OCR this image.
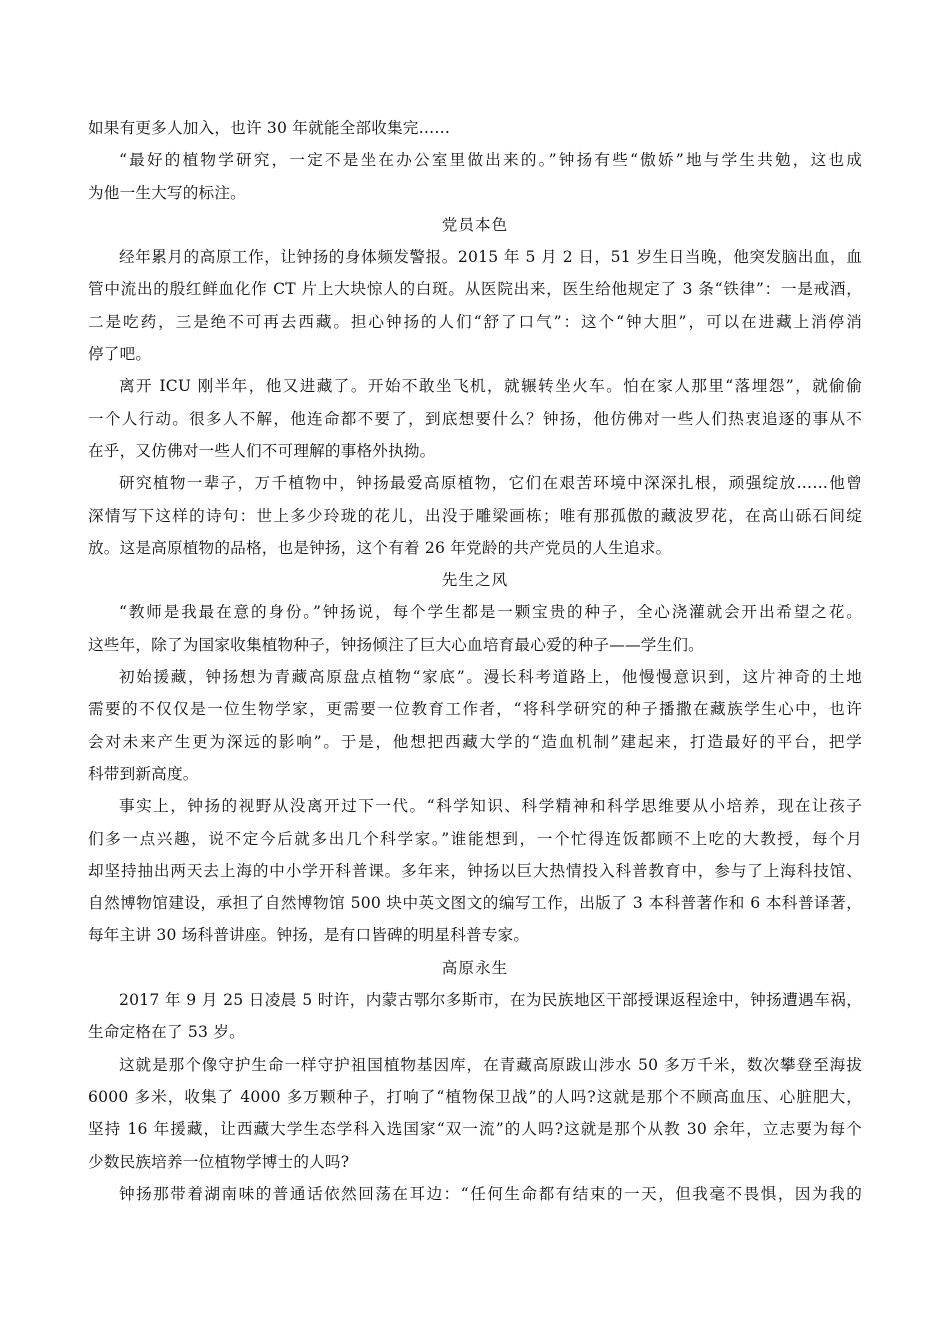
如果有更多人加入，也许 30 年就能全部收集完……
“最好的植物学研究，一定不是坐在办公室里做出来的。”钟扬有些“傲娇”地与学生共勉，这也成
为他一生大写的标注。
党员本色
经年累月的高原工作，让钟扬的身体频发警报。2015 年 5 月 2 日，51 岁生日当晚，他突发脑出血，血
管中流出的殷红鲜血化作 CT 片上大块惊人的白斑。从医院出来，医生给他规定了 3 条“铁律”：一是戒酒，
二是吃药，三是绝不可再去西藏。担心钟扬的人们“舒了口气”：这个“钟大胆”，可以在进藏上消停消
停了吧。
离开 ICU 刚半年，他又进藏了。开始不敢坐飞机，就辗转坐火车。怕在家人那里“落埋怨”，就偷偷
一个人行动。很多人不解，他连命都不要了，到底想要什么？钟扬，他仿佛对一些人们热衷追逐的事从不
在乎，又仿佛对一些人们不可理解的事格外执拗。
研究植物一辈子，万千植物中，钟扬最爱高原植物，它们在艰苦环境中深深扎根，顽强绽放……他曾
深情写下这样的诗句：世上多少玲珑的花儿，出没于雕梁画栋；唯有那孤傲的藏波罗花，在高山砾石间绽
放。这是高原植物的品格，也是钟扬，这个有着 26 年党龄的共产党员的人生追求。
先生之风
“教师是我最在意的身份。”钟扬说，每个学生都是一颗宝贵的种子，全心浇灌就会开出希望之花。
这些年，除了为国家收集植物种子，钟扬倾注了巨大心血培育最心爱的种子——学生们。
初始援藏，钟扬想为青藏高原盘点植物“家底”。漫长科考道路上，他慢慢意识到，这片神奇的土地
需要的不仅仅是一位生物学家，更需要一位教育工作者，“将科学研究的种子播撒在藏族学生心中，也许
会对未来产生更为深远的影响”。于是，他想把西藏大学的“造血机制”建起来，打造最好的平台，把学
科带到新高度。
事实上，钟扬的视野从没离开过下一代。“科学知识、科学精神和科学思维要从小培养，现在让孩子
们多一点兴趣，说不定今后就多出几个科学家。”谁能想到，一个忙得连饭都顾不上吃的大教授，每个月
却坚持抽出两天去上海的中小学开科普课。多年来，钟扬以巨大热情投入科普教育中，参与了上海科技馆、
自然博物馆建设，承担了自然博物馆 500 块中英文图文的编写工作，出版了 3 本科普著作和 6 本科普译著，
每年主讲 30 场科普讲座。钟扬，是有口皆碑的明星科普专家。
高原永生
2017 年 9 月 25 日凌晨 5 时许，内蒙古鄂尔多斯市，在为民族地区干部授课返程途中，钟扬遭遇车祸，
生命定格在了 53 岁。
这就是那个像守护生命一样守护祖国植物基因库，在青藏高原跋山涉水 50 多万千米，数次攀登至海拔
6000 多米，收集了 4000 多万颗种子，打响了“植物保卫战”的人吗?这就是那个不顾高血压、心脏肥大，
坚持 16 年援藏，让西藏大学生态学科入选国家“双一流”的人吗?这就是那个从教 30 余年，立志要为每个
少数民族培养一位植物学博士的人吗?
钟扬那带着湖南味的普通话依然回荡在耳边：“任何生命都有结束的一天，但我毫不畏惧，因为我的
